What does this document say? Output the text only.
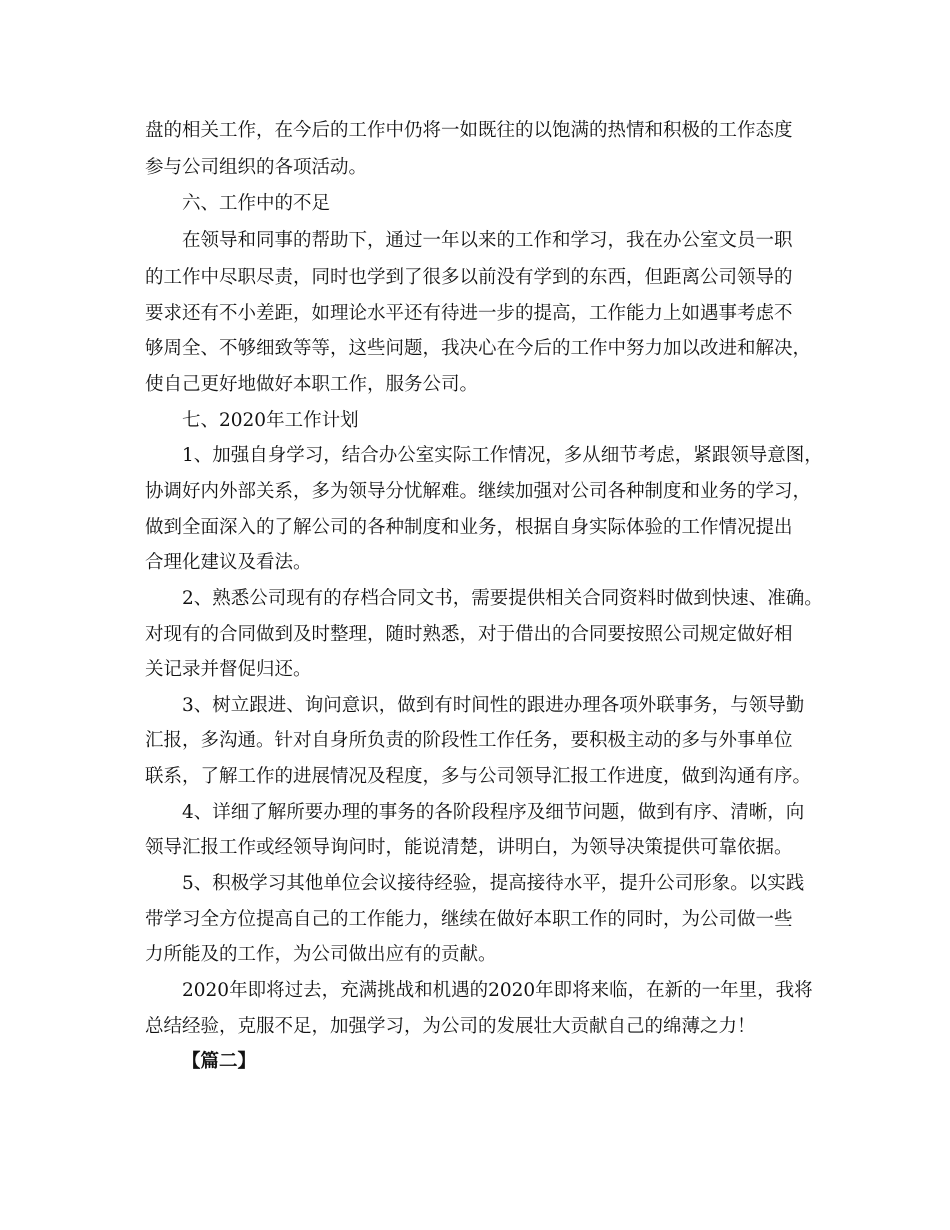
盘的相关工作，在今后的工作中仍将一如既往的以饱满的热情和积极的工作态度
参与公司组织的各项活动。
六、工作中的不足
在领导和同事的帮助下，通过一年以来的工作和学习，我在办公室文员一职
的工作中尽职尽责，同时也学到了很多以前没有学到的东西，但距离公司领导的
要求还有不小差距，如理论水平还有待进一步的提高，工作能力上如遇事考虑不
够周全、不够细致等等，这些问题，我决心在今后的工作中努力加以改进和解决，
使自己更好地做好本职工作，服务公司。
七、2020年工作计划
1、加强自身学习，结合办公室实际工作情况，多从细节考虑，紧跟领导意图，
协调好内外部关系，多为领导分忧解难。继续加强对公司各种制度和业务的学习，
做到全面深入的了解公司的各种制度和业务，根据自身实际体验的工作情况提出
合理化建议及看法。
2、熟悉公司现有的存档合同文书，需要提供相关合同资料时做到快速、准确。
对现有的合同做到及时整理，随时熟悉，对于借出的合同要按照公司规定做好相
关记录并督促归还。
3、树立跟进、询问意识，做到有时间性的跟进办理各项外联事务，与领导勤
汇报，多沟通。针对自身所负责的阶段性工作任务，要积极主动的多与外事单位
联系，了解工作的进展情况及程度，多与公司领导汇报工作进度，做到沟通有序。
4、详细了解所要办理的事务的各阶段程序及细节问题，做到有序、清晰，向
领导汇报工作或经领导询问时，能说清楚，讲明白，为领导决策提供可靠依据。
5、积极学习其他单位会议接待经验，提高接待水平，提升公司形象。以实践
带学习全方位提高自己的工作能力，继续在做好本职工作的同时，为公司做一些
力所能及的工作，为公司做出应有的贡献。
2020年即将过去，充满挑战和机遇的2020年即将来临，在新的一年里，我将
总结经验，克服不足，加强学习，为公司的发展壮大贡献自己的绵薄之力！
【篇二】
